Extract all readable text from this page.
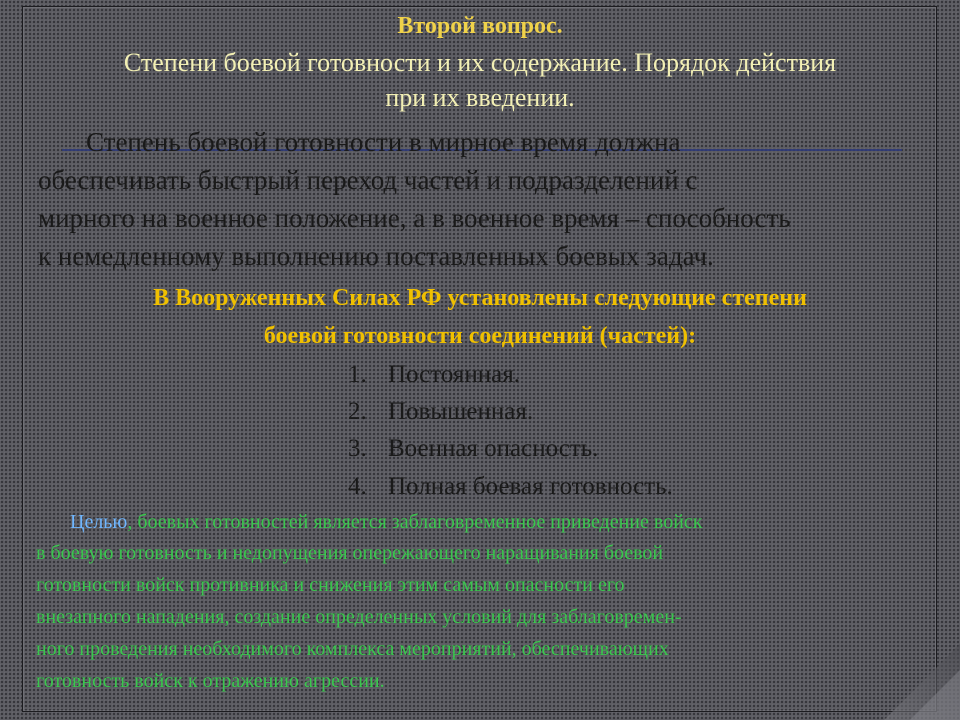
Второй вопрос.

Степени боевой готовности и их содержание. Порядок действия

при их введении.

Степень боевой готовности в мирное время должна

обеспечивать быстрый переход частей и подразделений с

мирного на военное положение, а в военное время – способность

к немедленному выполнению поставленных боевых задач.

В Вооруженных Силах РФ установлены следующие степени

боевой готовности соединений (частей):

1. Постоянная.

2. Повышенная.

3. Военная опасность.

4. Полная боевая готовность.

Целью, боевых готовностей является заблаговременное приведение войск

в боевую готовность и недопущения опережающего наращивания боевой

готовности войск противника и снижения этим самым опасности его

внезапного нападения, создание определенных условий для заблаговремен-

ного проведения необходимого комплекса мероприятий, обеспечивающих

готовность войск к отражению агрессии.
